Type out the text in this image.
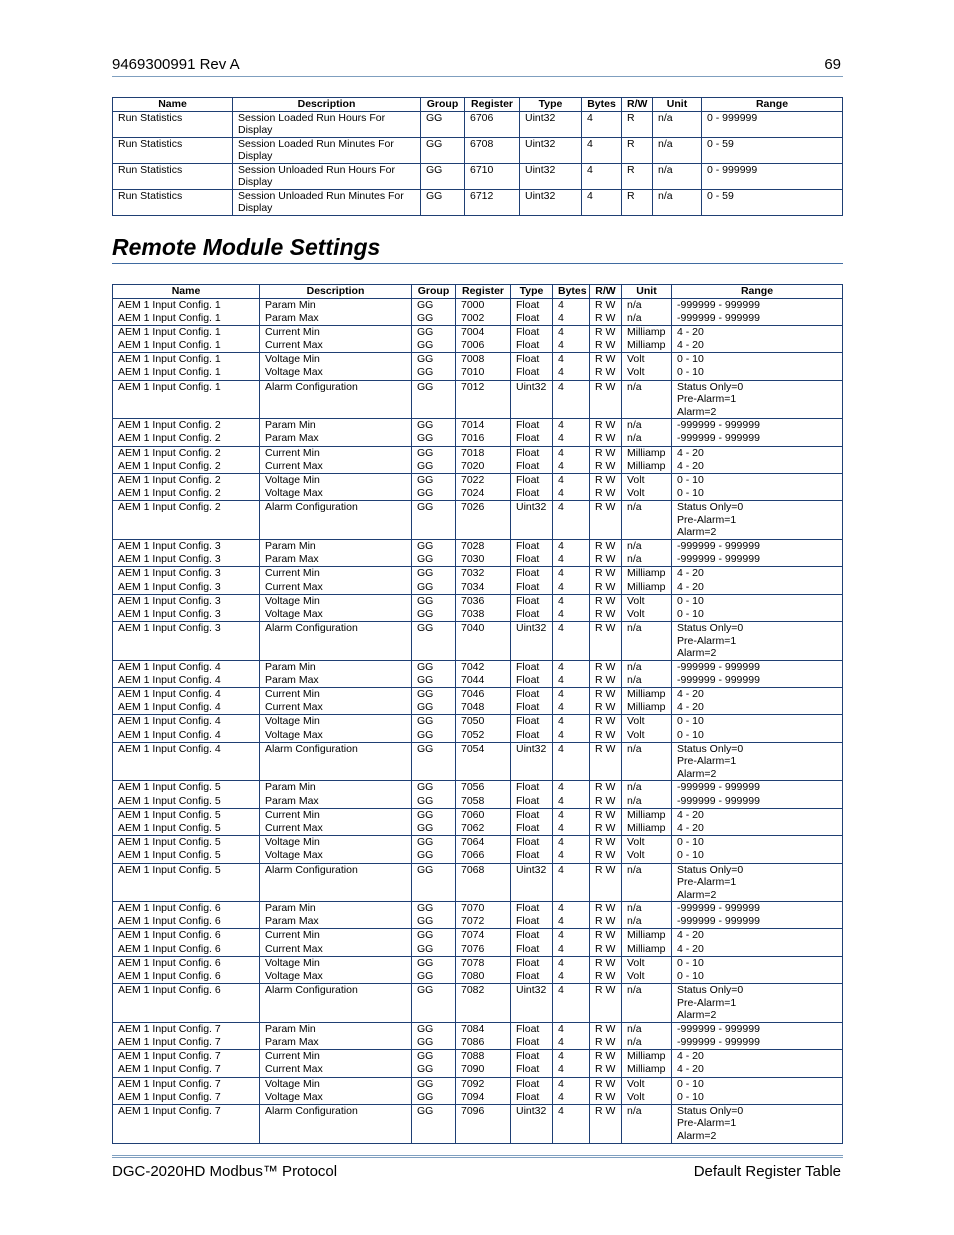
9469300991 Rev A	69
Name	Description	Group	Register	Type	Bytes	R/W	Unit	Range
Run Statistics	Session Loaded Run Hours For Display	GG	6706	Uint32	4	R	n/a	0 - 999999
Run Statistics	Session Loaded Run Minutes For Display	GG	6708	Uint32	4	R	n/a	0 - 59
Run Statistics	Session Unloaded Run Hours For Display	GG	6710	Uint32	4	R	n/a	0 - 999999
Run Statistics	Session Unloaded Run Minutes For Display	GG	6712	Uint32	4	R	n/a	0 - 59
Remote Module Settings
Name	Description	Group	Register	Type	Bytes	R/W	Unit	Range
AEM 1 Input Config. 1	Param Min	GG	7000	Float	4	R W	n/a	-999999 - 999999
AEM 1 Input Config. 1	Param Max	GG	7002	Float	4	R W	n/a	-999999 - 999999
AEM 1 Input Config. 1	Current Min	GG	7004	Float	4	R W	Milliamp	4 - 20
AEM 1 Input Config. 1	Current Max	GG	7006	Float	4	R W	Milliamp	4 - 20
AEM 1 Input Config. 1	Voltage Min	GG	7008	Float	4	R W	Volt	0 - 10
AEM 1 Input Config. 1	Voltage Max	GG	7010	Float	4	R W	Volt	0 - 10
AEM 1 Input Config. 1	Alarm Configuration	GG	7012	Uint32	4	R W	n/a	Status Only=0
Pre-Alarm=1
Alarm=2
AEM 1 Input Config. 2	Param Min	GG	7014	Float	4	R W	n/a	-999999 - 999999
AEM 1 Input Config. 2	Param Max	GG	7016	Float	4	R W	n/a	-999999 - 999999
AEM 1 Input Config. 2	Current Min	GG	7018	Float	4	R W	Milliamp	4 - 20
AEM 1 Input Config. 2	Current Max	GG	7020	Float	4	R W	Milliamp	4 - 20
AEM 1 Input Config. 2	Voltage Min	GG	7022	Float	4	R W	Volt	0 - 10
AEM 1 Input Config. 2	Voltage Max	GG	7024	Float	4	R W	Volt	0 - 10
AEM 1 Input Config. 2	Alarm Configuration	GG	7026	Uint32	4	R W	n/a	Status Only=0
Pre-Alarm=1
Alarm=2
AEM 1 Input Config. 3	Param Min	GG	7028	Float	4	R W	n/a	-999999 - 999999
AEM 1 Input Config. 3	Param Max	GG	7030	Float	4	R W	n/a	-999999 - 999999
AEM 1 Input Config. 3	Current Min	GG	7032	Float	4	R W	Milliamp	4 - 20
AEM 1 Input Config. 3	Current Max	GG	7034	Float	4	R W	Milliamp	4 - 20
AEM 1 Input Config. 3	Voltage Min	GG	7036	Float	4	R W	Volt	0 - 10
AEM 1 Input Config. 3	Voltage Max	GG	7038	Float	4	R W	Volt	0 - 10
AEM 1 Input Config. 3	Alarm Configuration	GG	7040	Uint32	4	R W	n/a	Status Only=0
Pre-Alarm=1
Alarm=2
AEM 1 Input Config. 4	Param Min	GG	7042	Float	4	R W	n/a	-999999 - 999999
AEM 1 Input Config. 4	Param Max	GG	7044	Float	4	R W	n/a	-999999 - 999999
AEM 1 Input Config. 4	Current Min	GG	7046	Float	4	R W	Milliamp	4 - 20
AEM 1 Input Config. 4	Current Max	GG	7048	Float	4	R W	Milliamp	4 - 20
AEM 1 Input Config. 4	Voltage Min	GG	7050	Float	4	R W	Volt	0 - 10
AEM 1 Input Config. 4	Voltage Max	GG	7052	Float	4	R W	Volt	0 - 10
AEM 1 Input Config. 4	Alarm Configuration	GG	7054	Uint32	4	R W	n/a	Status Only=0
Pre-Alarm=1
Alarm=2
AEM 1 Input Config. 5	Param Min	GG	7056	Float	4	R W	n/a	-999999 - 999999
AEM 1 Input Config. 5	Param Max	GG	7058	Float	4	R W	n/a	-999999 - 999999
AEM 1 Input Config. 5	Current Min	GG	7060	Float	4	R W	Milliamp	4 - 20
AEM 1 Input Config. 5	Current Max	GG	7062	Float	4	R W	Milliamp	4 - 20
AEM 1 Input Config. 5	Voltage Min	GG	7064	Float	4	R W	Volt	0 - 10
AEM 1 Input Config. 5	Voltage Max	GG	7066	Float	4	R W	Volt	0 - 10
AEM 1 Input Config. 5	Alarm Configuration	GG	7068	Uint32	4	R W	n/a	Status Only=0
Pre-Alarm=1
Alarm=2
AEM 1 Input Config. 6	Param Min	GG	7070	Float	4	R W	n/a	-999999 - 999999
AEM 1 Input Config. 6	Param Max	GG	7072	Float	4	R W	n/a	-999999 - 999999
AEM 1 Input Config. 6	Current Min	GG	7074	Float	4	R W	Milliamp	4 - 20
AEM 1 Input Config. 6	Current Max	GG	7076	Float	4	R W	Milliamp	4 - 20
AEM 1 Input Config. 6	Voltage Min	GG	7078	Float	4	R W	Volt	0 - 10
AEM 1 Input Config. 6	Voltage Max	GG	7080	Float	4	R W	Volt	0 - 10
AEM 1 Input Config. 6	Alarm Configuration	GG	7082	Uint32	4	R W	n/a	Status Only=0
Pre-Alarm=1
Alarm=2
AEM 1 Input Config. 7	Param Min	GG	7084	Float	4	R W	n/a	-999999 - 999999
AEM 1 Input Config. 7	Param Max	GG	7086	Float	4	R W	n/a	-999999 - 999999
AEM 1 Input Config. 7	Current Min	GG	7088	Float	4	R W	Milliamp	4 - 20
AEM 1 Input Config. 7	Current Max	GG	7090	Float	4	R W	Milliamp	4 - 20
AEM 1 Input Config. 7	Voltage Min	GG	7092	Float	4	R W	Volt	0 - 10
AEM 1 Input Config. 7	Voltage Max	GG	7094	Float	4	R W	Volt	0 - 10
AEM 1 Input Config. 7	Alarm Configuration	GG	7096	Uint32	4	R W	n/a	Status Only=0
Pre-Alarm=1
Alarm=2
DGC-2020HD Modbus™ Protocol	Default Register Table
